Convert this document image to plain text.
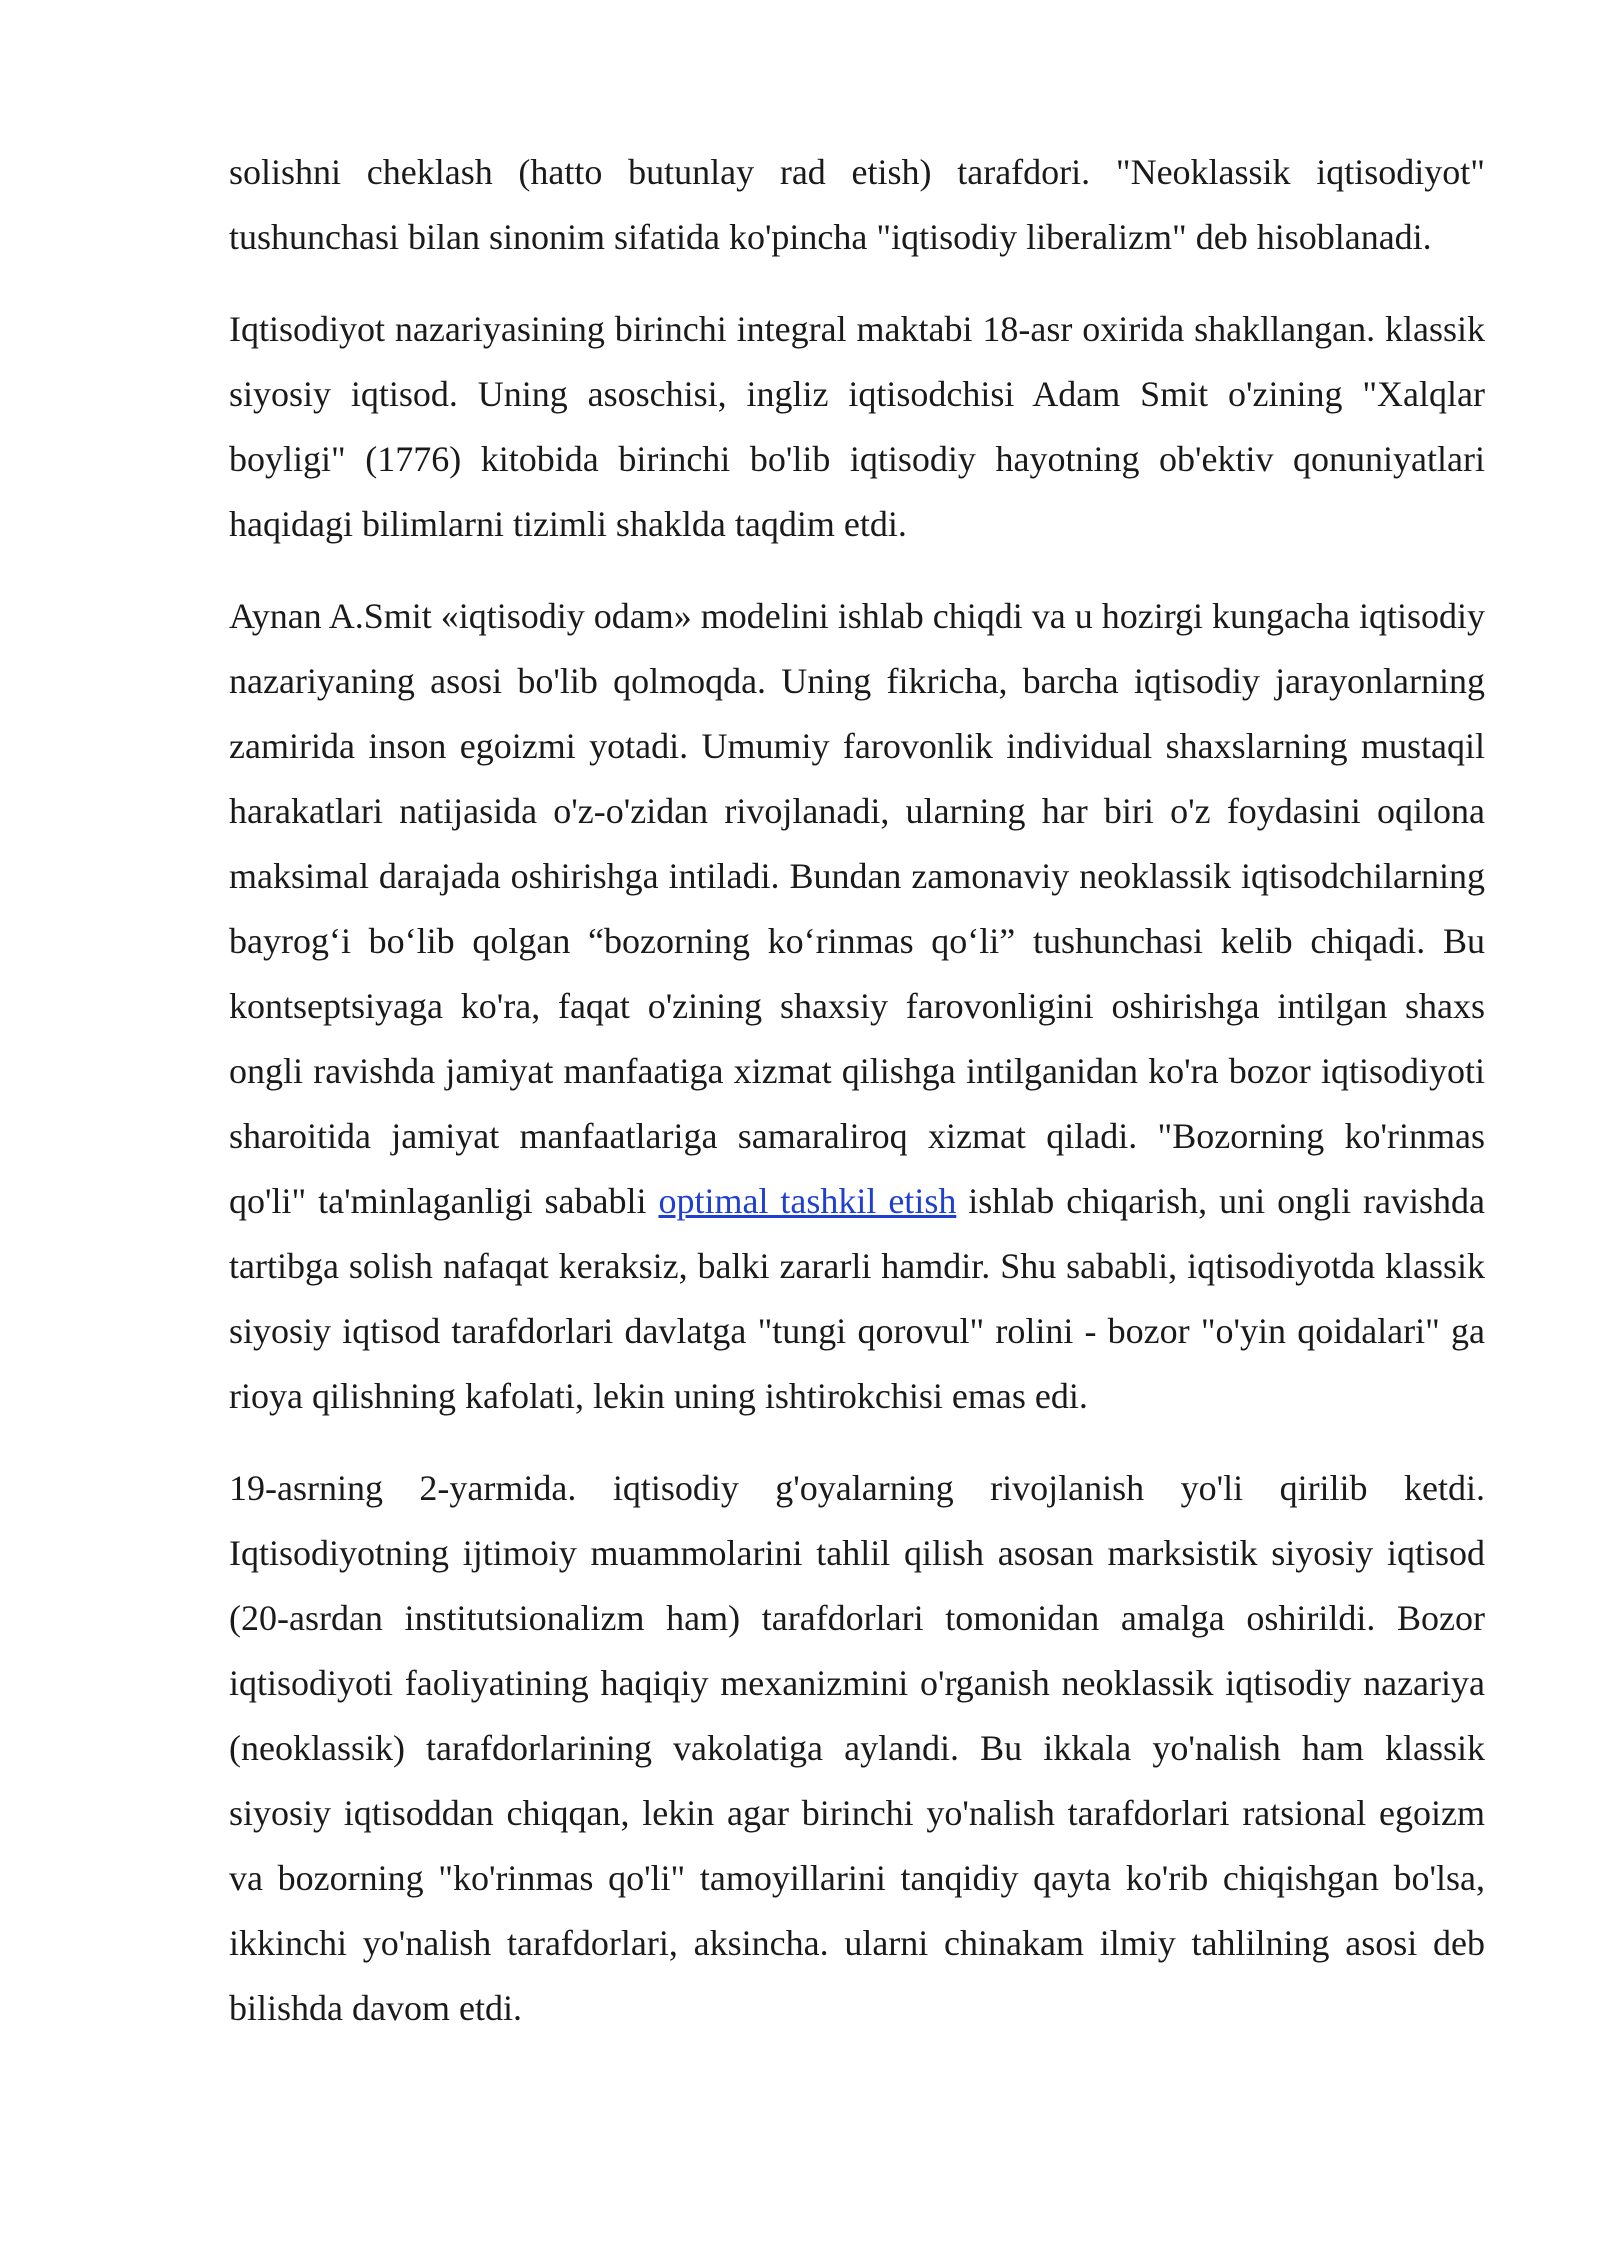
solishni cheklash (hatto butunlay rad etish) tarafdori. "Neoklassik iqtisodiyot" tushunchasi bilan sinonim sifatida ko'pincha "iqtisodiy liberalizm" deb hisoblanadi.

Iqtisodiyot nazariyasining birinchi integral maktabi 18-asr oxirida shakllangan. klassik siyosiy iqtisod. Uning asoschisi, ingliz iqtisodchisi Adam Smit o'zining "Xalqlar boyligi" (1776) kitobida birinchi bo'lib iqtisodiy hayotning ob'ektiv qonuniyatlari haqidagi bilimlarni tizimli shaklda taqdim etdi.

Aynan A.Smit «iqtisodiy odam» modelini ishlab chiqdi va u hozirgi kungacha iqtisodiy nazariyaning asosi bo'lib qolmoqda. Uning fikricha, barcha iqtisodiy jarayonlarning zamirida inson egoizmi yotadi. Umumiy farovonlik individual shaxslarning mustaqil harakatlari natijasida o'z-o'zidan rivojlanadi, ularning har biri o'z foydasini oqilona maksimal darajada oshirishga intiladi. Bundan zamonaviy neoklassik iqtisodchilarning bayrog‘i bo‘lib qolgan “bozorning ko‘rinmas qo‘li” tushunchasi kelib chiqadi. Bu kontseptsiyaga ko'ra, faqat o'zining shaxsiy farovonligini oshirishga intilgan shaxs ongli ravishda jamiyat manfaatiga xizmat qilishga intilganidan ko'ra bozor iqtisodiyoti sharoitida jamiyat manfaatlariga samaraliroq xizmat qiladi. "Bozorning ko'rinmas qo'li" ta'minlaganligi sababli optimal tashkil etish ishlab chiqarish, uni ongli ravishda tartibga solish nafaqat keraksiz, balki zararli hamdir. Shu sababli, iqtisodiyotda klassik siyosiy iqtisod tarafdorlari davlatga "tungi qorovul" rolini - bozor "o'yin qoidalari" ga rioya qilishning kafolati, lekin uning ishtirokchisi emas edi.

19-asrning 2-yarmida. iqtisodiy g'oyalarning rivojlanish yo'li qirilib ketdi. Iqtisodiyotning ijtimoiy muammolarini tahlil qilish asosan marksistik siyosiy iqtisod (20-asrdan institutsionalizm ham) tarafdorlari tomonidan amalga oshirildi. Bozor iqtisodiyoti faoliyatining haqiqiy mexanizmini o'rganish neoklassik iqtisodiy nazariya (neoklassik) tarafdorlarining vakolatiga aylandi. Bu ikkala yo'nalish ham klassik siyosiy iqtisoddan chiqqan, lekin agar birinchi yo'nalish tarafdorlari ratsional egoizm va bozorning "ko'rinmas qo'li" tamoyillarini tanqidiy qayta ko'rib chiqishgan bo'lsa, ikkinchi yo'nalish tarafdorlari, aksincha. ularni chinakam ilmiy tahlilning asosi deb bilishda davom etdi.
